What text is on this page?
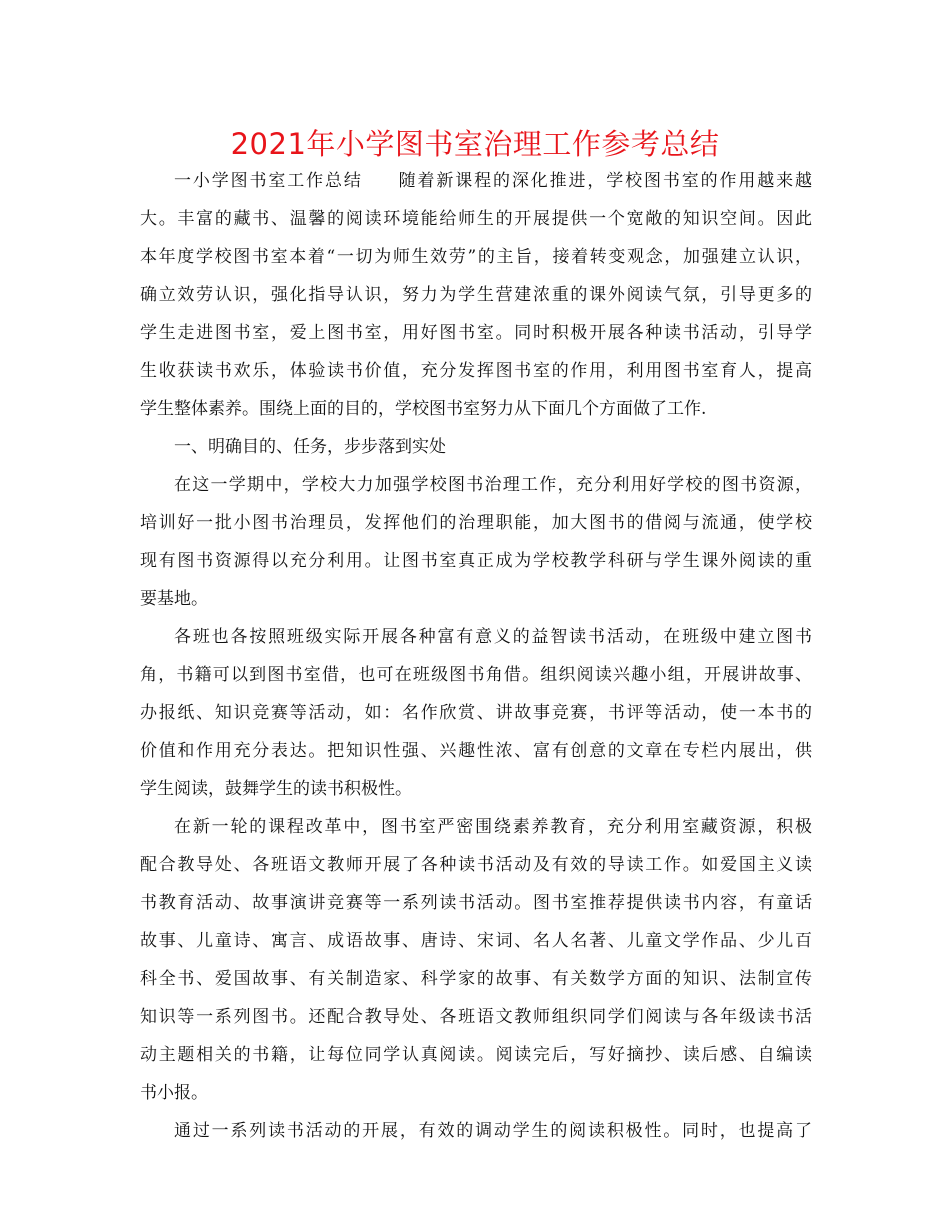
2021年小学图书室治理工作参考总结
一小学图书室工作总结 随着新课程的深化推进，学校图书室的作用越来越
大。丰富的藏书、温馨的阅读环境能给师生的开展提供一个宽敞的知识空间。因此
本年度学校图书室本着“一切为师生效劳”的主旨，接着转变观念，加强建立认识，
确立效劳认识，强化指导认识，努力为学生营建浓重的课外阅读气氛，引导更多的
学生走进图书室，爱上图书室，用好图书室。同时积极开展各种读书活动，引导学
生收获读书欢乐，体验读书价值，充分发挥图书室的作用，利用图书室育人，提高
学生整体素养。围绕上面的目的，学校图书室努力从下面几个方面做了工作.
一、明确目的、任务，步步落到实处
在这一学期中，学校大力加强学校图书治理工作，充分利用好学校的图书资源，
培训好一批小图书治理员，发挥他们的治理职能，加大图书的借阅与流通，使学校
现有图书资源得以充分利用。让图书室真正成为学校教学科研与学生课外阅读的重
要基地。
各班也各按照班级实际开展各种富有意义的益智读书活动，在班级中建立图书
角，书籍可以到图书室借，也可在班级图书角借。组织阅读兴趣小组，开展讲故事、
办报纸、知识竞赛等活动，如：名作欣赏、讲故事竞赛，书评等活动，使一本书的
价值和作用充分表达。把知识性强、兴趣性浓、富有创意的文章在专栏内展出，供
学生阅读，鼓舞学生的读书积极性。
在新一轮的课程改革中，图书室严密围绕素养教育，充分利用室藏资源，积极
配合教导处、各班语文教师开展了各种读书活动及有效的导读工作。如爱国主义读
书教育活动、故事演讲竞赛等一系列读书活动。图书室推荐提供读书内容，有童话
故事、儿童诗、寓言、成语故事、唐诗、宋词、名人名著、儿童文学作品、少儿百
科全书、爱国故事、有关制造家、科学家的故事、有关数学方面的知识、法制宣传
知识等一系列图书。还配合教导处、各班语文教师组织同学们阅读与各年级读书活
动主题相关的书籍，让每位同学认真阅读。阅读完后，写好摘抄、读后感、自编读
书小报。
通过一系列读书活动的开展，有效的调动学生的阅读积极性。同时，也提高了
